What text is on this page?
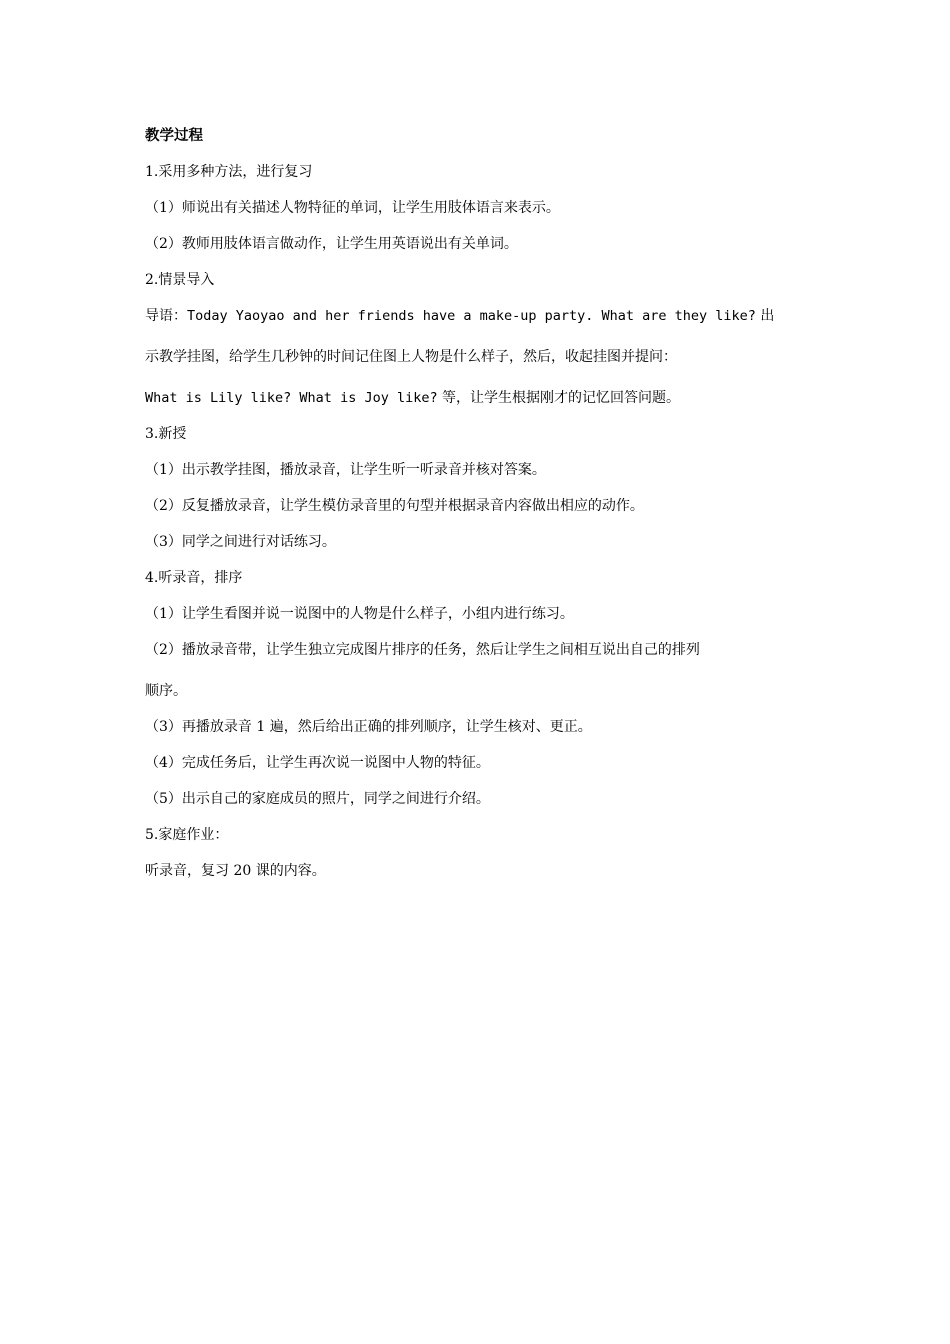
教学过程

1.采用多种方法，进行复习

（1）师说出有关描述人物特征的单词，让学生用肢体语言来表示。

（2）教师用肢体语言做动作，让学生用英语说出有关单词。

2.情景导入

导语：Today Yaoyao and her friends have a make-up party. What are they like? 出

示教学挂图，给学生几秒钟的时间记住图上人物是什么样子，然后，收起挂图并提问：

What is Lily like? What is Joy like? 等，让学生根据刚才的记忆回答问题。

3.新授

（1）出示教学挂图，播放录音，让学生听一听录音并核对答案。

（2）反复播放录音，让学生模仿录音里的句型并根据录音内容做出相应的动作。

（3）同学之间进行对话练习。

4.听录音，排序

（1）让学生看图并说一说图中的人物是什么样子，小组内进行练习。

（2）播放录音带，让学生独立完成图片排序的任务，然后让学生之间相互说出自己的排列

顺序。

（3）再播放录音 1 遍，然后给出正确的排列顺序，让学生核对、更正。

（4）完成任务后，让学生再次说一说图中人物的特征。

（5）出示自己的家庭成员的照片，同学之间进行介绍。

5.家庭作业：

听录音，复习 20 课的内容。
